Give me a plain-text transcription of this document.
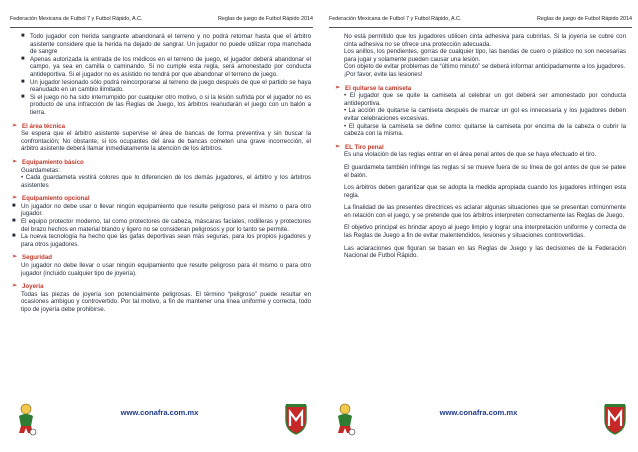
Federación Mexicana de Futbol 7 y Futbol Rápido, A.C.	Reglas de juego de Futbol Rápido 2014
■ Todo jugador con herida sangrante abandonará el terreno y no podrá retornar hasta que el árbitro asistente considere que la herida ha dejado de sangrar. Un jugador no puede utilizar ropa manchada de sangre
■ Apenas autorizada la entrada de los médicos en el terreno de juego, el jugador deberá abandonar el campo, ya sea en camilla o caminando. Si no cumple esta regla, será amonestado por conducta antideportiva. Si el jugador no es asistido no tendrá por que abandonar el terreno de juego.
■ Un jugador lesionado sólo podrá reincorporarse al terreno de juego después de que el partido se haya reanudado en un cambio ilimitado.
■ Si el juego no ha sido interrumpido por cualquier otro motivo, o si la lesión sufrida por el jugador no es producto de una infracción de las Reglas de Juego, los árbitros reanudarán el juego con un balón a tierra.
➢ El área técnica

Se espera que el árbitro asistente supervise el área de bancas de forma preventiva y sin buscar la confrontación; No obstante, si los ocupantes del área de bancas cometen una grave incorrección, el árbitro asistente deberá llamar inmediatamente la atención de los árbitros.

➢ Equipamiento básico

Guardametas:

• Cada guardameta vestirá colores que lo diferencien de los demás jugadores, el árbitro y los árbitros asistentes

➢ Equipamiento opcional
■ Un jugador no debe usar o llevar ningún equipamiento que resulte peligroso para el mismo o para otro jugador.
■ El equipo protector moderno, tal como protectores de cabeza, máscaras faciales, rodilleras y protectores del brazo hechos en material blando y ligero no se consideran peligrosos y por lo tanto se permite.
■ La nueva tecnología ha hecho que las gafas deportivas sean más seguras, para los propios jugadores y para otros jugadores.
➢ Seguridad

Un jugador no debe llevar o usar ningún equipamiento que resulte peligroso para él mismo o para otro jugador (incluido cualquier tipo de joyería).

➢ Joyería

Todas las piezas de joyería son potencialmente peligrosas. El término “peligroso” puede resultar en ocasiones ambiguo y controvertido. Por tal motivo, a fin de mantener una línea uniforme y correcta, todo tipo de joyería debe prohibirse.

www.conafra.com.mx
Federación Mexicana de Futbol 7 y Futbol Rápido, A.C.	Reglas de juego de Futbol Rápido 2014

No está permitido que los jugadores utilicen cinta adhesiva para cubrirlas. Si la joyería se cubre con cinta adhesiva no se ofrece una protección adecuada.

Los anillos, los pendientes, gorras de cualquier tipo, las bandas de cuero o plástico no son necesarias para jugar y solamente pueden causar una lesión.

Con objeto de evitar problemas de “último minuto” se deberá informar anticipadamente a los jugadores.

¡Por favor, evite las lesiones!

➢ El quitarse la camiseta

• El jugador que se quite la camiseta al celebrar un gol deberá ser amonestado por conducta antideportiva.

• La acción de quitarse la camiseta después de marcar un gol es innecesaria y los jugadores deben evitar celebraciones excesivas.

• El quitarse la camiseta se define como: quitarse la camiseta por encima de la cabeza o cubrir la cabeza con la misma.

➢ EL Tiro penal

Es una violación de las reglas entrar en el área penal antes de que se haya efectuado el tiro.

El guardameta también infringe las reglas si se mueve fuera de su línea de gol antes de que se patee el balón.

Los árbitros deben garantizar que se adopta la medida apropiada cuando los jugadores infringen esta regla.

La finalidad de las presentes directrices es aclarar algunas situaciones que se presentan comúnmente en relación con el juego, y se pretende que los árbitros interpreten correctamente las Reglas de Juego.

El objetivo principal es brindar apoyo al juego limpio y lograr una interpretación uniforme y correcta de las Reglas de Juego a fin de evitar malentendidos, lesiones y situaciones controvertidas.

Las aclaraciones que figuran se basan en las Reglas de Juego y las decisiones de la Federación Nacional de Futbol Rápido.

www.conafra.com.mx
